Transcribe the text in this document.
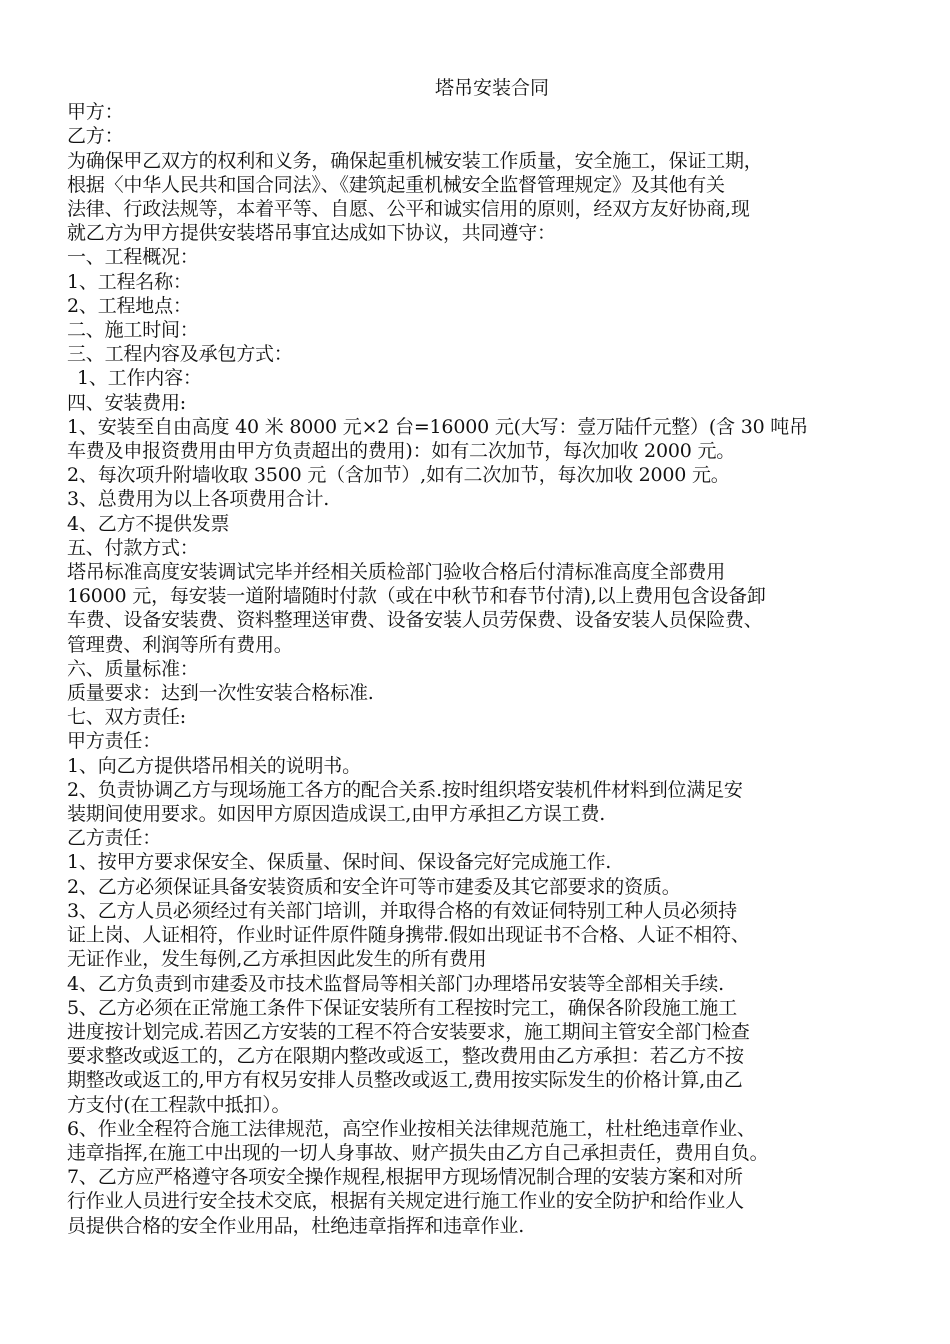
塔吊安装合同
甲方：
乙方：
为确保甲乙双方的权利和义务，确保起重机械安装工作质量，安全施工，保证工期，
根据〈中华人民共和国合同法》、《建筑起重机械安全监督管理规定》及其他有关
法律、行政法规等，本着平等、自愿、公平和诚实信用的原则，经双方友好协商,现
就乙方为甲方提供安装塔吊事宜达成如下协议，共同遵守：
一、工程概况：
1、工程名称：
2、工程地点：
二、施工时间：
三、工程内容及承包方式：
1、工作内容：
四、安装费用:
1、安装至自由高度 40 米 8000 元×2 台=16000 元(大写：壹万陆仟元整）(含 30 吨吊
车费及申报资费用由甲方负责超出的费用)：如有二次加节，每次加收 2000 元。
2、每次项升附墙收取 3500 元（含加节）,如有二次加节，每次加收 2000 元。
3、总费用为以上各项费用合计.
4、乙方不提供发票
五、付款方式：
塔吊标准高度安装调试完毕并经相关质检部门验收合格后付清标准高度全部费用
16000 元，每安装一道附墙随时付款（或在中秋节和春节付清),以上费用包含设备卸
车费、设备安装费、资料整理送审费、设备安装人员劳保费、设备安装人员保险费、
管理费、利润等所有费用。
六、质量标准：
质量要求：达到一次性安装合格标准.
七、双方责任:
甲方责任：
1、向乙方提供塔吊相关的说明书。
2、负责协调乙方与现场施工各方的配合关系.按时组织塔安装机件材料到位满足安
装期间使用要求。如因甲方原因造成误工,由甲方承担乙方误工费.
乙方责任：
1、按甲方要求保安全、保质量、保时间、保设备完好完成施工作.
2、乙方必须保证具备安装资质和安全许可等市建委及其它部要求的资质。
3、乙方人员必须经过有关部门培训，并取得合格的有效证伺特别工种人员必须持
证上岗、人证相符，作业时证件原件随身携带.假如出现证书不合格、人证不相符、
无证作业，发生每例,乙方承担因此发生的所有费用
4、乙方负责到市建委及市技术监督局等相关部门办理塔吊安装等全部相关手续.
5、乙方必须在正常施工条件下保证安装所有工程按时完工，确保各阶段施工施工
进度按计划完成.若因乙方安装的工程不符合安装要求，施工期间主管安全部门检查
要求整改或返工的，乙方在限期内整改或返工，整改费用由乙方承担：若乙方不按
期整改或返工的,甲方有权另安排人员整改或返工,费用按实际发生的价格计算,由乙
方支付(在工程款中抵扣）。
6、作业全程符合施工法律规范，高空作业按相关法律规范施工，杜杜绝违章作业、
违章指挥,在施工中出现的一切人身事故、财产损失由乙方自己承担责任，费用自负。
7、乙方应严格遵守各项安全操作规程,根据甲方现场情况制合理的安装方案和对所
行作业人员进行安全技术交底，根据有关规定进行施工作业的安全防护和给作业人
员提供合格的安全作业用品，杜绝违章指挥和违章作业.
